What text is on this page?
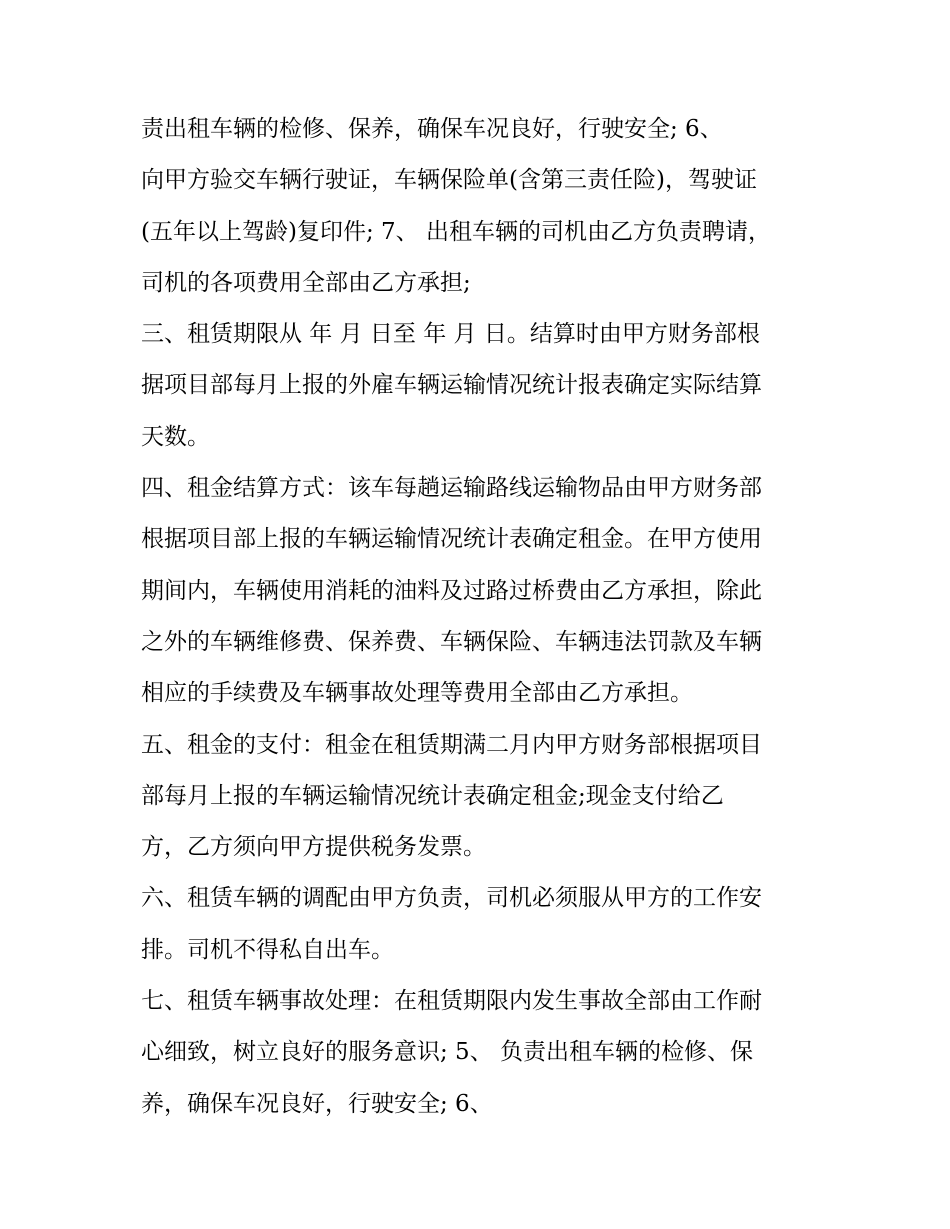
责出租车辆的检修、保养，确保车况良好，行驶安全; 6、
向甲方验交车辆行驶证，车辆保险单(含第三责任险)，驾驶证
(五年以上驾龄)复印件; 7、 出租车辆的司机由乙方负责聘请，
司机的各项费用全部由乙方承担;
三、租赁期限从 年 月 日至 年 月 日。结算时由甲方财务部根
据项目部每月上报的外雇车辆运输情况统计报表确定实际结算
天数。
四、租金结算方式：该车每趟运输路线运输物品由甲方财务部
根据项目部上报的车辆运输情况统计表确定租金。在甲方使用
期间内，车辆使用消耗的油料及过路过桥费由乙方承担，除此
之外的车辆维修费、保养费、车辆保险、车辆违法罚款及车辆
相应的手续费及车辆事故处理等费用全部由乙方承担。
五、租金的支付：租金在租赁期满二月内甲方财务部根据项目
部每月上报的车辆运输情况统计表确定租金;现金支付给乙
方，乙方须向甲方提供税务发票。
六、租赁车辆的调配由甲方负责，司机必须服从甲方的工作安
排。司机不得私自出车。
七、租赁车辆事故处理：在租赁期限内发生事故全部由工作耐
心细致，树立良好的服务意识; 5、 负责出租车辆的检修、保
养，确保车况良好，行驶安全; 6、
